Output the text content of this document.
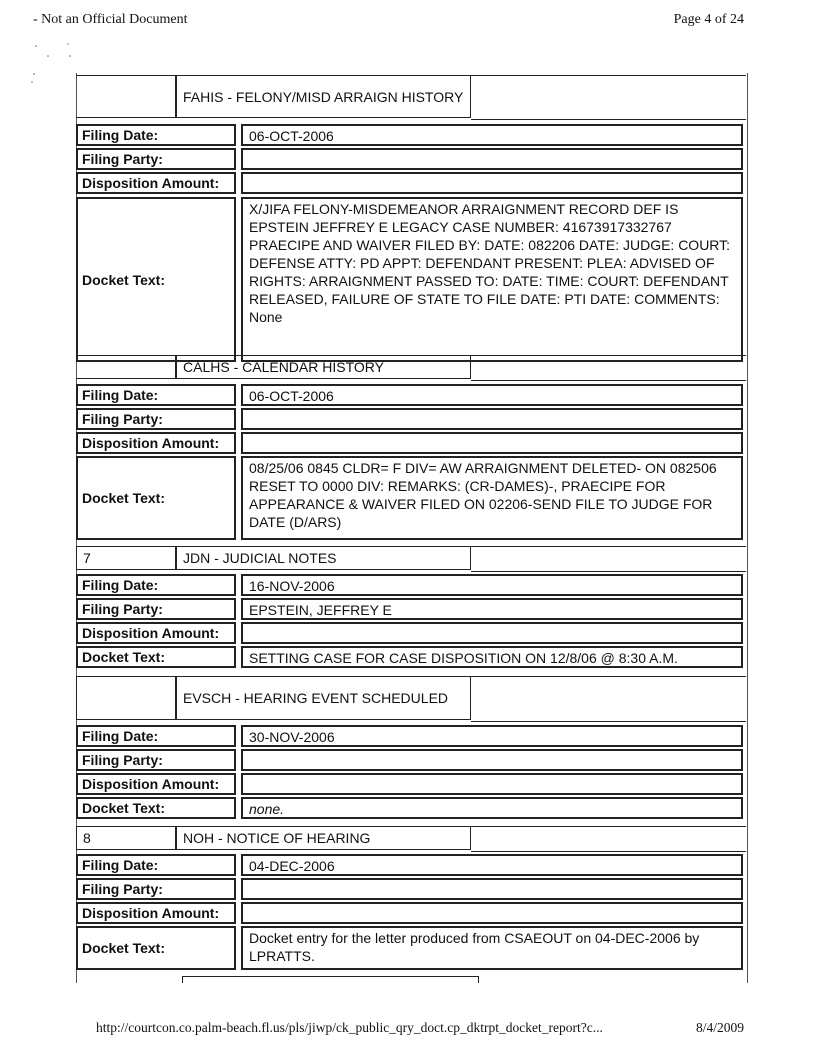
- Not an Official Document	Page 4 of 24
FAHIS - FELONY/MISD ARRAIGN HISTORY
Filing Date:	06-OCT-2006
Filing Party:
Disposition Amount:
Docket Text:
X/JIFA FELONY-MISDEMEANOR ARRAIGNMENT RECORD DEF IS EPSTEIN JEFFREY E LEGACY CASE NUMBER: 41673917332767 PRAECIPE AND WAIVER FILED BY: DATE: 082206 DATE: JUDGE: COURT: DEFENSE ATTY: PD APPT: DEFENDANT PRESENT: PLEA: ADVISED OF RIGHTS: ARRAIGNMENT PASSED TO: DATE: TIME: COURT: DEFENDANT RELEASED, FAILURE OF STATE TO FILE DATE: PTI DATE: COMMENTS: None
CALHS - CALENDAR HISTORY
Filing Date:	06-OCT-2006
Filing Party:
Disposition Amount:
Docket Text:
08/25/06 0845 CLDR= F DIV= AW ARRAIGNMENT DELETED- ON 082506 RESET TO 0000 DIV: REMARKS: (CR-DAMES)-, PRAECIPE FOR APPEARANCE & WAIVER FILED ON 02206-SEND FILE TO JUDGE FOR DATE (D/ARS)
7	JDN - JUDICIAL NOTES
Filing Date:	16-NOV-2006
Filing Party:	EPSTEIN, JEFFREY E
Disposition Amount:
Docket Text:	SETTING CASE FOR CASE DISPOSITION ON 12/8/06 @ 8:30 A.M.
EVSCH - HEARING EVENT SCHEDULED
Filing Date:	30-NOV-2006
Filing Party:
Disposition Amount:
Docket Text:	none.
8	NOH - NOTICE OF HEARING
Filing Date:	04-DEC-2006
Filing Party:
Disposition Amount:
Docket Text:
Docket entry for the letter produced from CSAEOUT on 04-DEC-2006 by LPRATTS.
http://courtcon.co.palm-beach.fl.us/pls/jiwp/ck_public_qry_doct.cp_dktrpt_docket_report?c...	8/4/2009
